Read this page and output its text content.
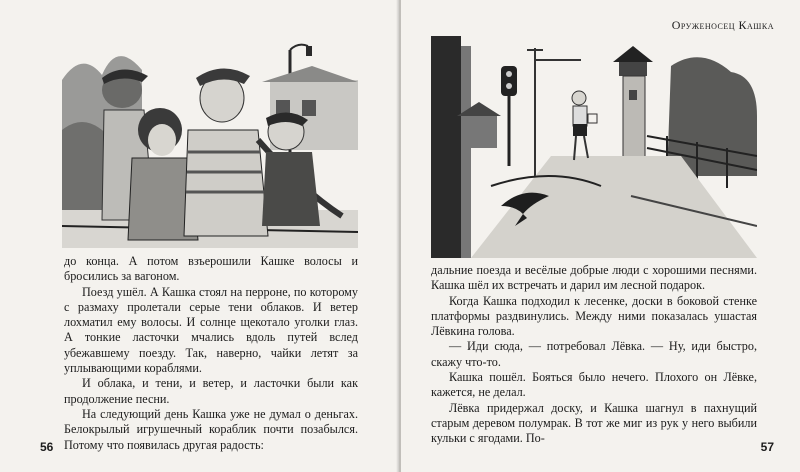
до конца. А потом взъерошили Кашке волосы и бросились за вагоном.

Поезд ушёл. А Кашка стоял на перроне, по которому с размаху пролетали серые тени облаков. И ветер лохматил ему волосы. И солнце щекотало уголки глаз. А тонкие ласточки мчались вдоль путей вслед убежавшему поезду. Так, наверно, чайки летят за уплывающими кораблями.

И облака, и тени, и ветер, и ласточки были как продолжение песни.

На следующий день Кашка уже не думал о деньгах. Белокрылый игрушечный кораблик почти позабылся. Потому что появилась другая радость:

56
Оруженосец Кашка

дальние поезда и весёлые добрые люди с хорошими песнями. Кашка шёл их встречать и дарил им лесной подарок.

Когда Кашка подходил к лесенке, доски в боковой стенке платформы раздвинулись. Между ними показалась ушастая Лёвкина голова.

— Иди сюда, — потребовал Лёвка. — Ну, иди быстро, скажу что-то.

Кашка пошёл. Бояться было нечего. Плохого он Лёвке, кажется, не делал.

Лёвка придержал доску, и Кашка шагнул в пахнущий старым деревом полумрак. В тот же миг из рук у него выбили кульки с ягодами. По-

57
